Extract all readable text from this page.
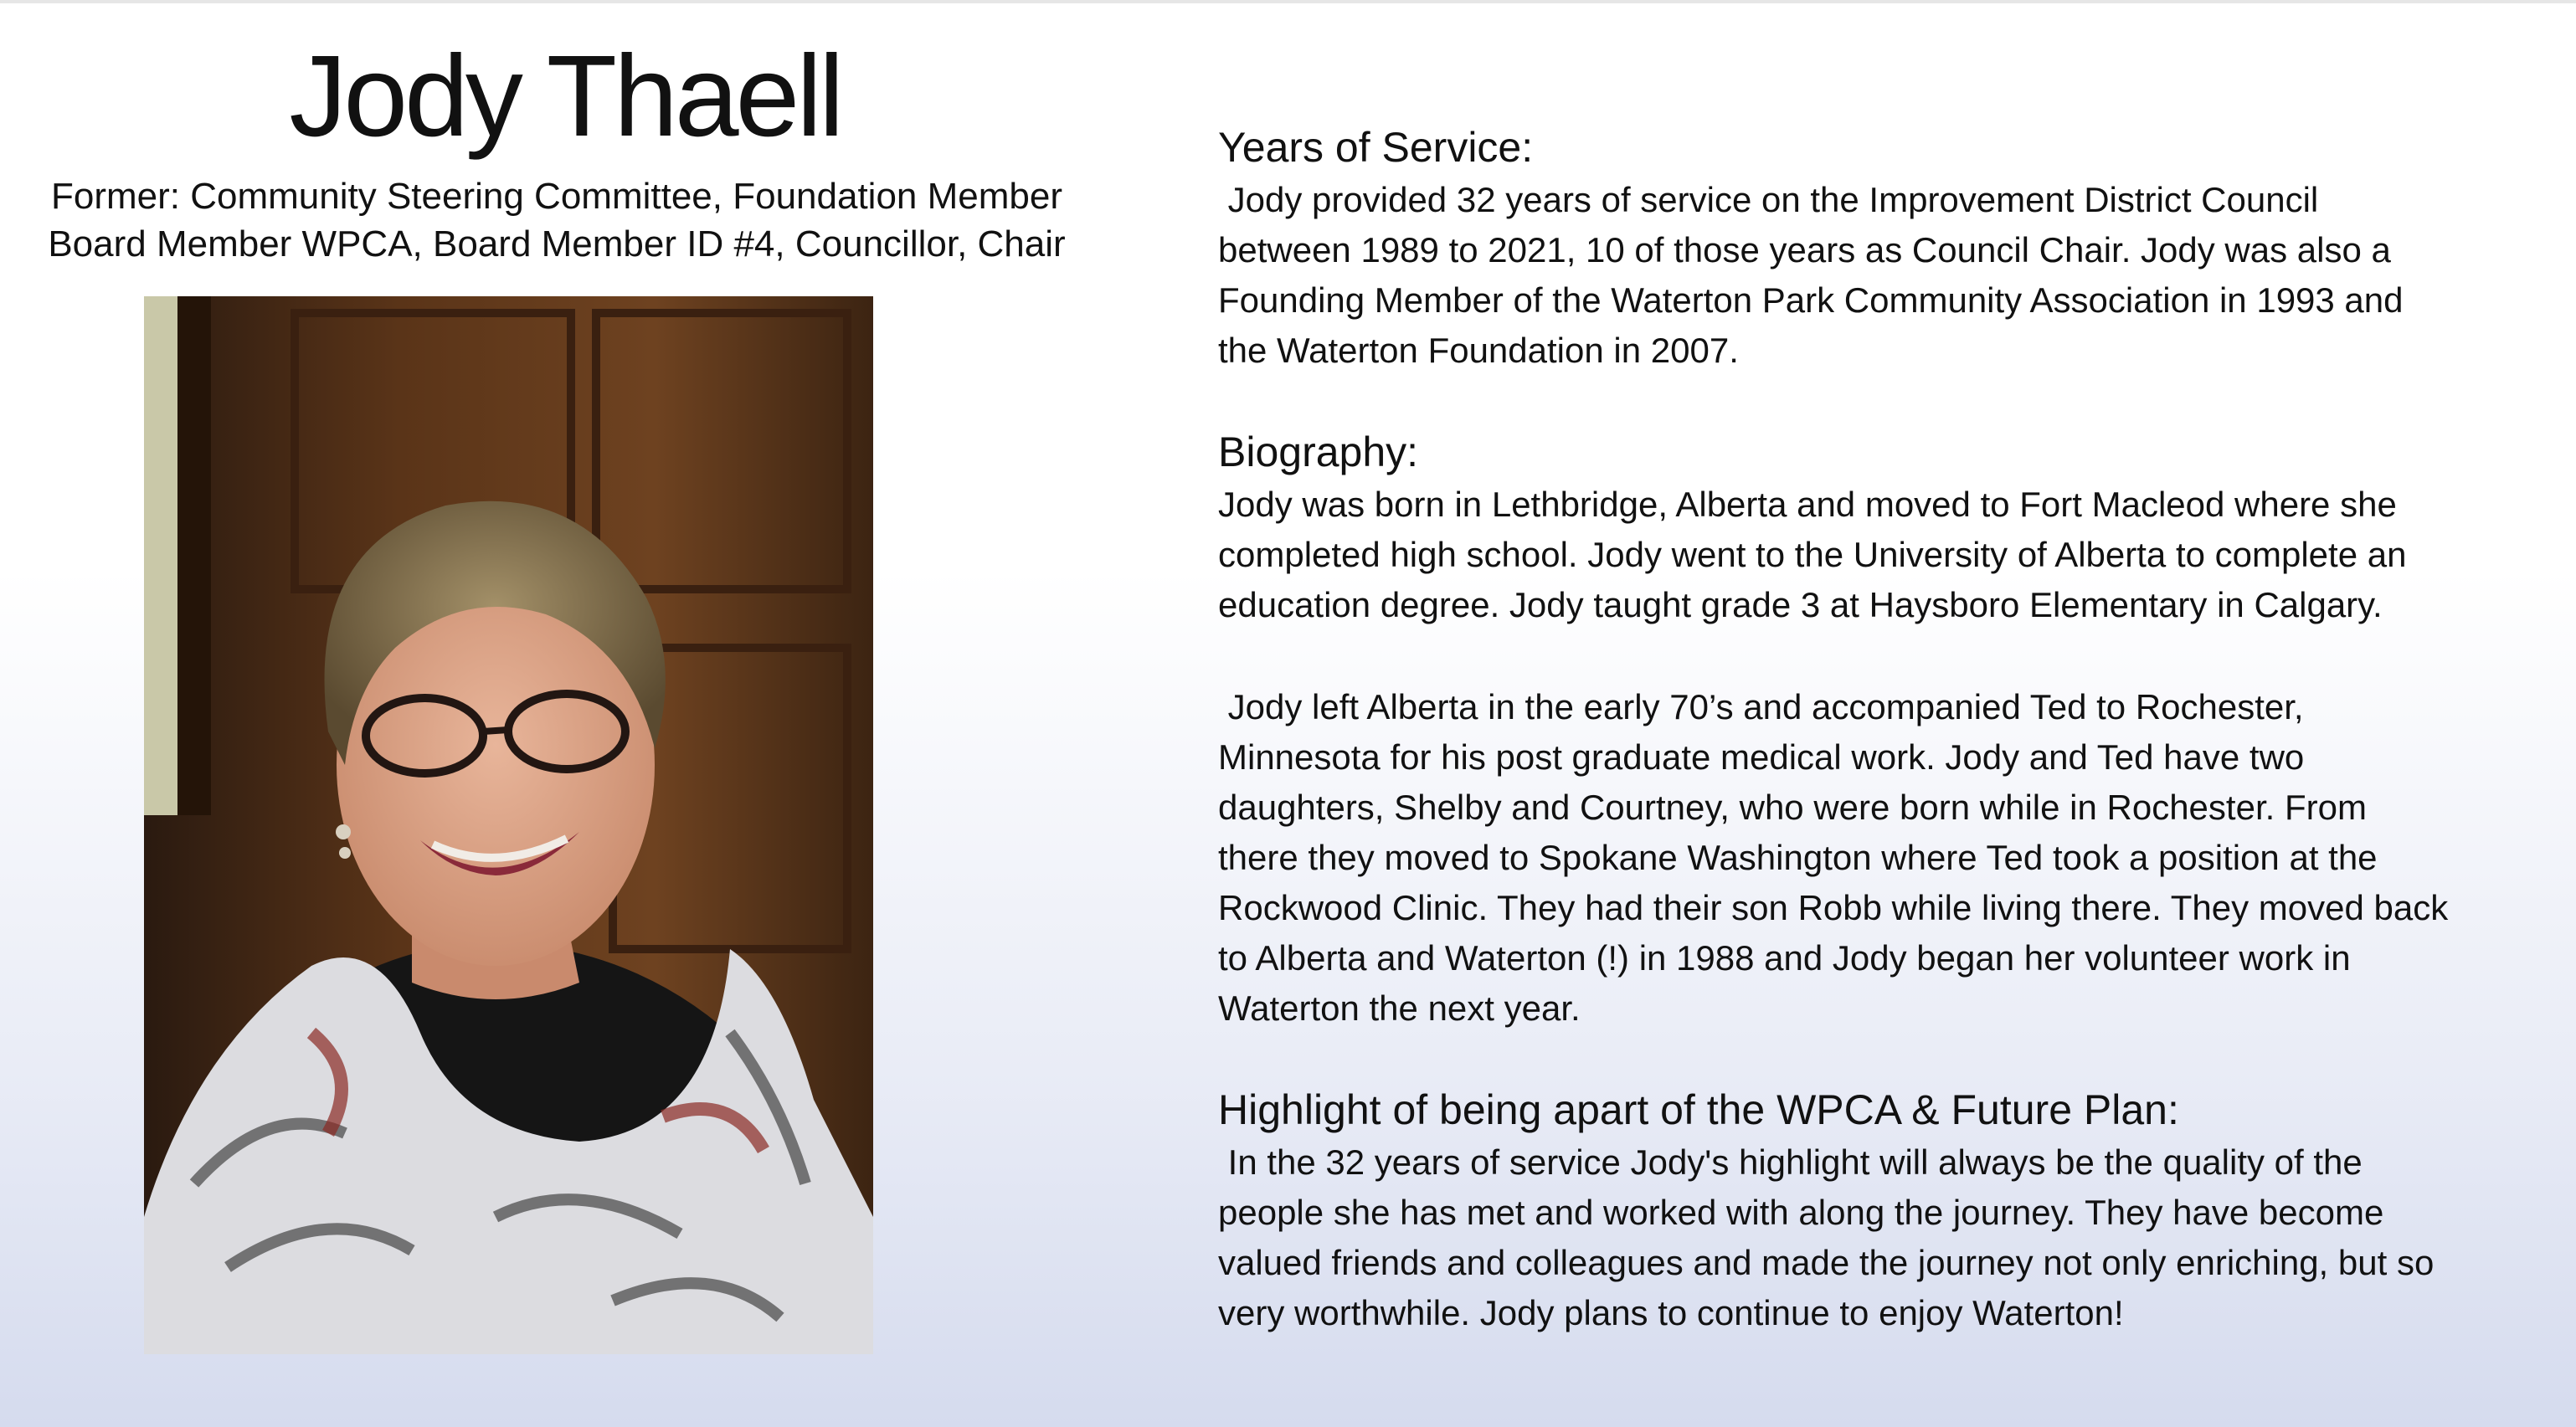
Jody Thaell
Former: Community Steering Committee, Foundation Member
Board Member WPCA, Board Member ID #4, Councillor, Chair
Years of Service:
Jody provided 32 years of service on the Improvement District Council
between 1989 to 2021, 10 of those years as Council Chair. Jody was also a
Founding Member of the Waterton Park Community Association in 1993 and
the Waterton Foundation in 2007.
Biography:
Jody was born in Lethbridge, Alberta and moved to Fort Macleod where she
completed high school. Jody went to the University of Alberta to complete an
education degree. Jody taught grade 3 at Haysboro Elementary in Calgary.
Jody left Alberta in the early 70’s and accompanied Ted to Rochester,
Minnesota for his post graduate medical work. Jody and Ted have two
daughters, Shelby and Courtney, who were born while in Rochester. From
there they moved to Spokane Washington where Ted took a position at the
Rockwood Clinic. They had their son Robb while living there. They moved back
to Alberta and Waterton (!) in 1988 and Jody began her volunteer work in
Waterton the next year.
Highlight of being apart of the WPCA & Future Plan:
In the 32 years of service Jody's highlight will always be the quality of the
people she has met and worked with along the journey. They have become
valued friends and colleagues and made the journey not only enriching, but so
very worthwhile. Jody plans to continue to enjoy Waterton!
